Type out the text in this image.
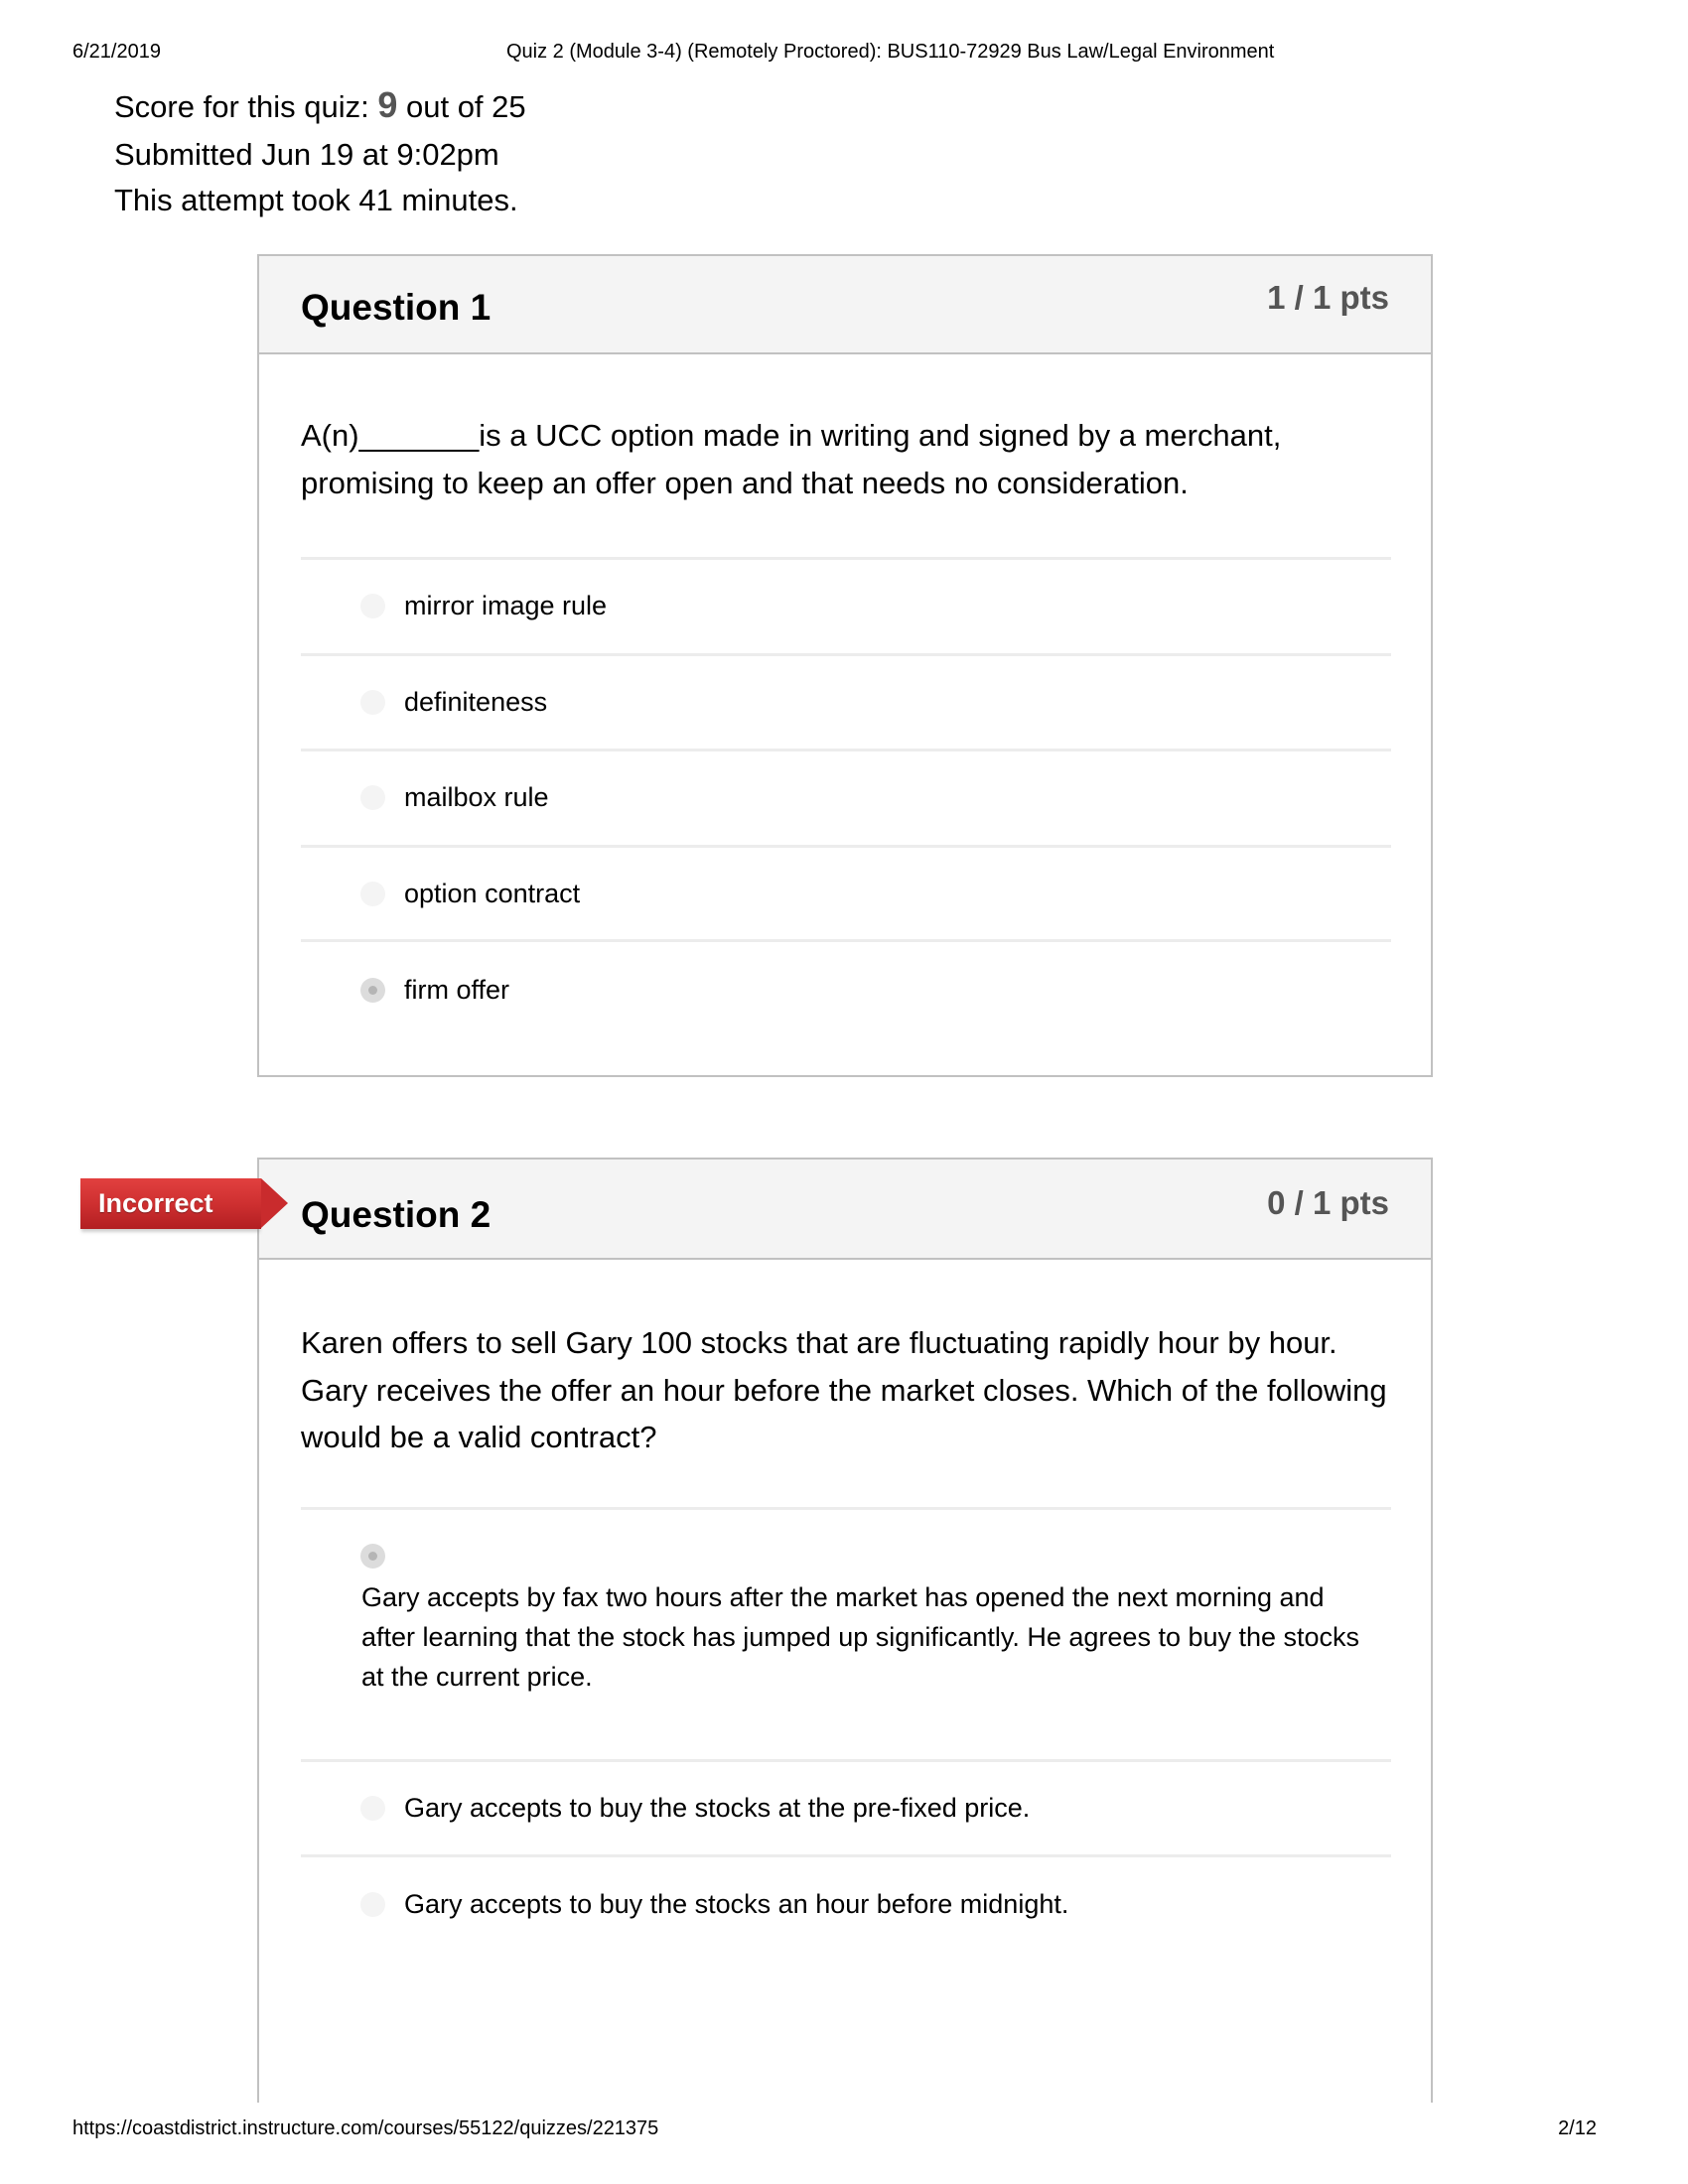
6/21/2019	Quiz 2 (Module 3-4) (Remotely Proctored): BUS110-72929 Bus Law/Legal Environment
Score for this quiz: 9 out of 25
Submitted Jun 19 at 9:02pm
This attempt took 41 minutes.
Question 1	1 / 1 pts
A(n)_______is a UCC option made in writing and signed by a merchant, promising to keep an offer open and that needs no consideration.
mirror image rule
definiteness
mailbox rule
option contract
firm offer
Question 2	0 / 1 pts
Karen offers to sell Gary 100 stocks that are fluctuating rapidly hour by hour. Gary receives the offer an hour before the market closes. Which of the following would be a valid contract?
Gary accepts by fax two hours after the market has opened the next morning and after learning that the stock has jumped up significantly. He agrees to buy the stocks at the current price.
Gary accepts to buy the stocks at the pre-fixed price.
Gary accepts to buy the stocks an hour before midnight.
Incorrect
https://coastdistrict.instructure.com/courses/55122/quizzes/221375	2/12
